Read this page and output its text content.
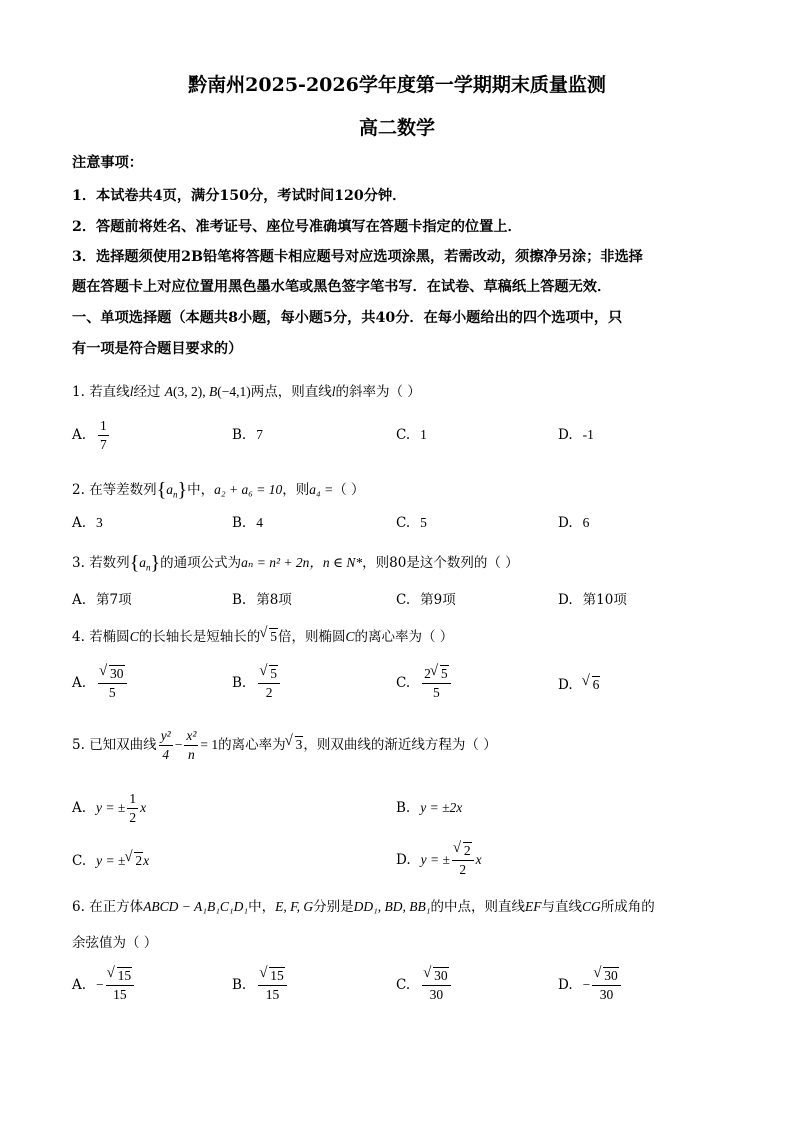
黔南州2025-2026学年度第一学期期末质量监测
高二数学
注意事项：
1．本试卷共4页，满分150分，考试时间120分钟．
2．答题前将姓名、准考证号、座位号准确填写在答题卡指定的位置上．
3．选择题须使用2B铅笔将答题卡相应题号对应选项涂黑，若需改动，须擦净另涂；非选择
题在答题卡上对应位置用黑色墨水笔或黑色签字笔书写．在试卷、草稿纸上答题无效．
一、单项选择题（本题共8小题，每小题5分，共40分．在每小题给出的四个选项中，只
有一项是符合题目要求的）
1. 若直线l经过 A(3, 2), B(−4,1)两点，则直线l的斜率为（ ）
A. $\frac{1}{7}$	B. 7	C. 1	D. -1
2. 在等差数列$\{a_n\}$中，a₂ + a₆ = 10，则a₄ =（ ）
A. 3	B. 4	C. 5	D. 6
3. 若数列$\{a_n\}$的通项公式为aₙ = n² + 2n，n ∈ N*，则80是这个数列的（ ）
A. 第7项	B. 第8项	C. 第9项	D. 第10项
4. 若椭圆C的长轴长是短轴长的 √ 5倍，则椭圆C的离心率为（ ）
A. √ $\frac{30}{5}$	B. √ $\frac{5}{2}$	C. $\frac{2 √ 5}{5}$	D. √ 6
5. 已知双曲线 $\frac{\text{y²}}{4} - \frac{\text{x²}}{n} = 1$的离心率为 √ 3，则双曲线的渐近线方程为（ ）
A. y = ± $\frac{1}{2}$ x	B. y = ±2x
C. y = ± √ 2x	D. y = ± √ $\frac{2}{2}$ x
6. 在正方体ABCD − A₁B₁C₁D₁中，E, F, G分别是DD₁, BD, BB₁的中点，则直线EF与直线CG所成角的
余弦值为（ ）
A. − √ $\frac{15}{15}$	B. √ $\frac{15}{15}$	C. √ $\frac{30}{30}$	D. − √ $\frac{30}{30}$
